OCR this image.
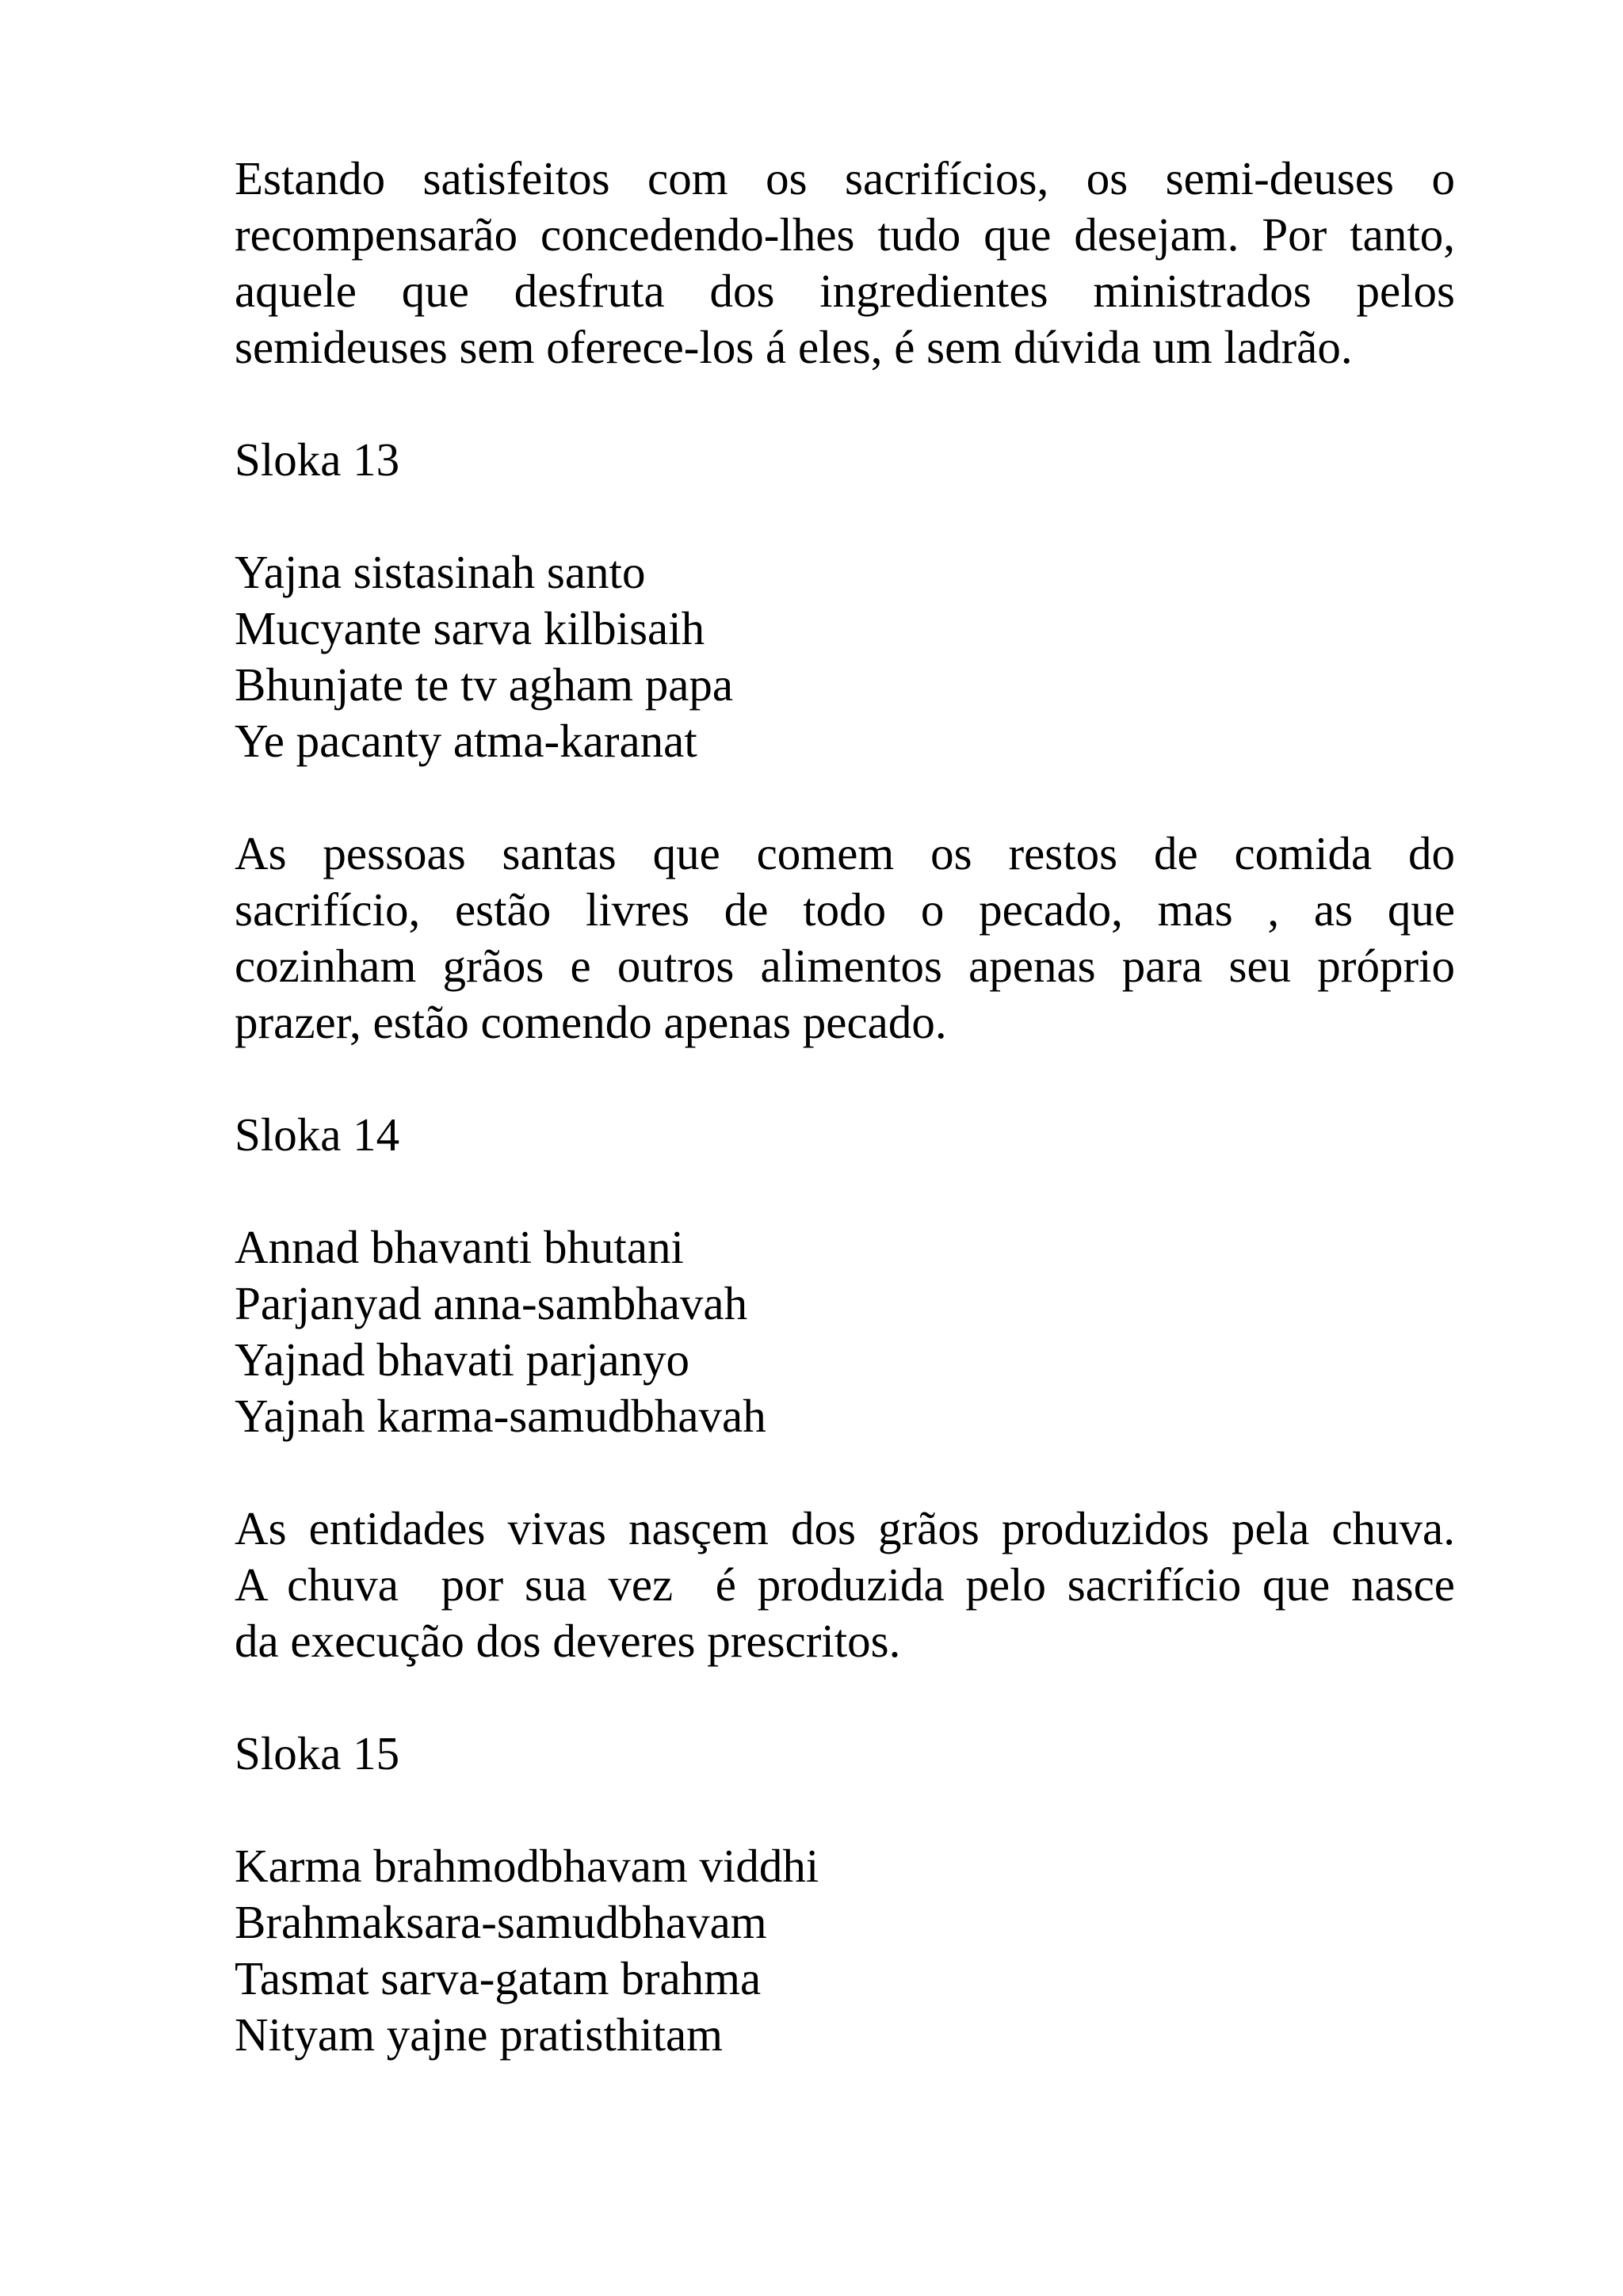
Estando satisfeitos com os sacrifícios, os semi-deuses o
recompensarão concedendo-lhes tudo que desejam. Por tanto,
aquele que desfruta dos ingredientes ministrados pelos
semideuses sem oferece-los á eles, é sem dúvida um ladrão.
Sloka 13
Yajna sistasinah santo
Mucyante sarva kilbisaih
Bhunjate te tv agham papa
Ye pacanty atma-karanat
As pessoas santas que comem os restos de comida do
sacrifício, estão livres de todo o pecado, mas , as que
cozinham grãos e outros alimentos apenas para seu próprio
prazer, estão comendo apenas pecado.
Sloka 14
Annad bhavanti bhutani
Parjanyad anna-sambhavah
Yajnad bhavati parjanyo
Yajnah karma-samudbhavah
As entidades vivas nasçem dos grãos produzidos pela chuva.
A chuva  por sua vez  é produzida pelo sacrifício que nasce
da execução dos deveres prescritos.
Sloka 15
Karma brahmodbhavam viddhi
Brahmaksara-samudbhavam
Tasmat sarva-gatam brahma
Nityam yajne pratisthitam
